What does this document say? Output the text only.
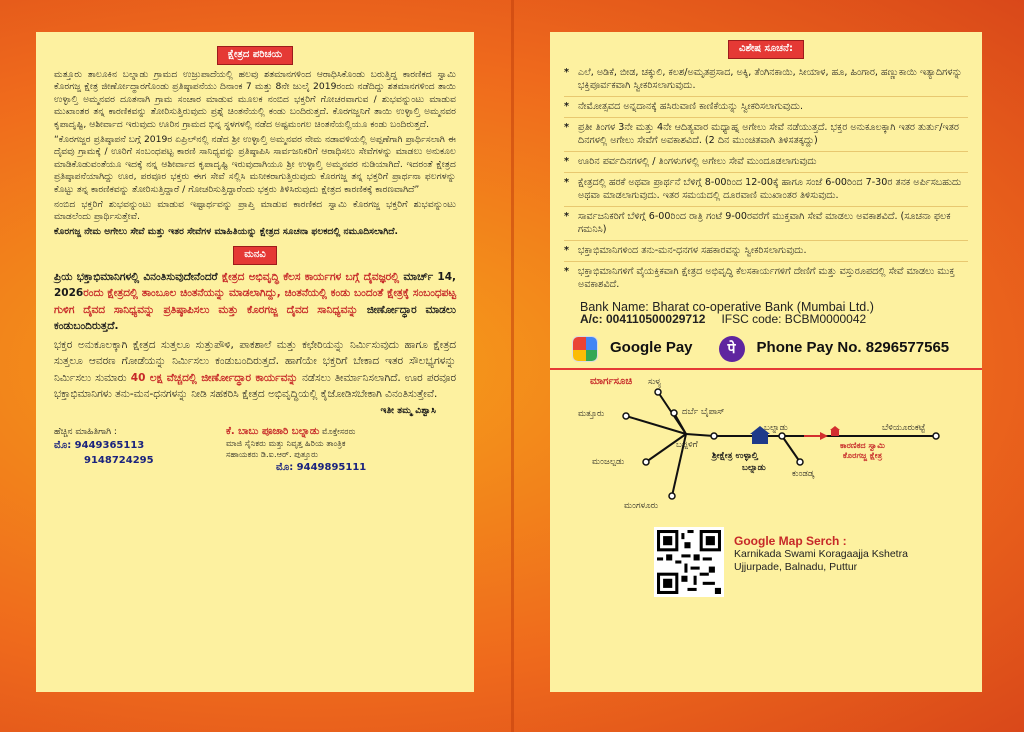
ಕ್ಷೇತ್ರದ ಪರಿಚಯ

ಮತ್ತೂರು ತಾಲೂಕಿನ ಬಲ್ನಾಡು ಗ್ರಾಮದ ಉಜ್ರುಪಾದೆಯಲ್ಲಿ ಹಲವು ಶತಮಾನಗಳಿಂದ ಆರಾಧಿಸಿಕೊಂಡು ಬರುತ್ತಿದ್ದ ಕಾರಣಿಕದ ಸ್ವಾಮಿ ಕೊರಗಜ್ಜ ಕ್ಷೇತ್ರ ಜೀರ್ಣೋದ್ಧಾರಗೊಂಡು ಪ್ರತಿಷ್ಠಾಪನೆಯು ದಿನಾಂಕ 7 ಮತ್ತು 8ನೇ ಜುಲೈ 2019ರಂದು ನಡೆದಿದ್ದು ಶತಮಾನಗಳಿಂದ ತಾಯಿ ಉಳ್ಳಾಲ್ತಿ ಅಮ್ಮನವರ ದೂತನಾಗಿ ಗ್ರಾಮ ಸಂಚಾರ ಮಾಡುವ ಮೂಲಕ ನಂಬಿದ ಭಕ್ತರಿಗೆ ಗೋಚರವಾಗುವ / ಶುಭವನ್ನುಂಟು ಮಾಡುವ ಮುಖಾಂತರ ತನ್ನ ಕಾರಣಿಕವನ್ನು ತೋರಿಸುತ್ತಿರುವುದು ಪ್ರಶ್ನೆ ಚಿಂತನೆಯಲ್ಲಿ ಕಂಡು ಬಂದಿರುತ್ತದೆ. ಕೊರಗಜ್ಜನಿಗೆ ತಾಯಿ ಉಳ್ಳಾಲ್ತಿ ಅಮ್ಮನವರ ಕೃಪಾದೃಷ್ಟಿ, ಆಶೀರ್ವಾದ ಇರುವುದು ಊರಿನ ಗ್ರಾಮದ ಭಿನ್ನ ಸ್ಥಳಗಳಲ್ಲಿ ನಡೆದ ಅಷ್ಟಮಂಗಲ ಚಿಂತನೆಯಲ್ಲಿಯೂ ಕಂಡು ಬಂದಿರುತ್ತದೆ.

“ಕೊರಗಜ್ಜರ ಪ್ರತಿಷ್ಠಾಪನೆ ಬಗ್ಗೆ 2019ರ ಏಪ್ರಿಲ್‌ನಲ್ಲಿ ನಡೆದ ಶ್ರೀ ಉಳ್ಳಾಲ್ತಿ ಅಮ್ಮನವರ ನೇಮ ನಡಾವಳಿಯಲ್ಲಿ ಅಪ್ಪಣೆಗಾಗಿ ಪ್ರಾರ್ಥಿಸಲಾಗಿ ಈ ದೈವವು ಗ್ರಾಮಕ್ಕೆ / ಊರಿಗೆ ಸಂಬಂಧಪಟ್ಟ ಕಾರಣಿ ಸಾನಿಧ್ಯವನ್ನು ಪ್ರತಿಷ್ಠಾಪಿಸಿ ಸಾರ್ವಜನಿಕರಿಗೆ ಆರಾಧಿಸಲು ಸೇವೆಗಳನ್ನು ಮಾಡಲು ಅನುಕೂಲ ಮಾಡಿಕೊಡುವಂತೆಯೂ ಇದಕ್ಕೆ ನನ್ನ ಆಶೀರ್ವಾದ ಕೃಪಾದೃಷ್ಟಿ ಇರುವುದಾಗಿಯೂ ಶ್ರೀ ಉಳ್ಳಾಲ್ತಿ ಅಮ್ಮನವರ ನುಡಿಯಾಗಿದೆ. ಇದರಂತೆ ಕ್ಷೇತ್ರದ ಪ್ರತಿಷ್ಠಾಪನೆಯಾಗಿದ್ದು ಊರ, ಪರವೂರ ಭಕ್ತರು ಈಗ ಸೇವೆ ಸಲ್ಲಿಸಿ ಮನೀಕರಾಗುತ್ತಿರುವುದು ಕೊರಗಜ್ಜ ತನ್ನ ಭಕ್ತರಿಗೆ ಪ್ರಾರ್ಥನಾ ಫಲಗಳನ್ನು ಕೊಟ್ಟು ತನ್ನ ಕಾರಣಿಕವನ್ನು ತೋರಿಸುತ್ತಿದ್ದಾರೆ / ಗೋಚರಿಸುತ್ತಿದ್ದಾರೆಂದು ಭಕ್ತರು ತಿಳಿಸಿರುವುದು ಕ್ಷೇತ್ರದ ಕಾರಣಿಕಕ್ಕೆ ಕಾರಣವಾಗಿದೆ”

ನಂಬಿದ ಭಕ್ತರಿಗೆ ಶುಭವನ್ನುಂಟು ಮಾಡುವ ಇಷ್ಟಾರ್ಥವನ್ನು ಪ್ರಾಪ್ತಿ ಮಾಡುವ ಕಾರಣಿಕದ ಸ್ವಾಮಿ ಕೊರಗಜ್ಜ ಭಕ್ತರಿಗೆ ಶುಭವನ್ನುಂಟು ಮಾಡಲೆಂದು ಪ್ರಾರ್ಥಿಸುತ್ತೇವೆ.

ಕೊರಗಜ್ಜ ನೇಮ ಅಗೇಲು ಸೇವೆ ಮತ್ತು ಇತರ ಸೇವೆಗಳ ಮಾಹಿತಿಯನ್ನು ಕ್ಷೇತ್ರದ ಸೂಚನಾ ಫಲಕದಲ್ಲಿ ನಮೂದಿಸಲಾಗಿದೆ.

ಮನವಿ

ಪ್ರಿಯ ಭಕ್ತಾಭಿಮಾನಿಗಳಲ್ಲಿ ವಿನಂತಿಸುವುದೇನೆಂದರೆ ಕ್ಷೇತ್ರದ ಅಭಿವೃದ್ಧಿ ಕೆಲಸ ಕಾರ್ಯಗಳ ಬಗ್ಗೆ ದೈವಜ್ಞರಲ್ಲಿ ಮಾರ್ಚ್ 14, 2026ರಂದು ಕ್ಷೇತ್ರದಲ್ಲಿ ತಾಂಬೂಲ ಚಿಂತನೆಯನ್ನು ಮಾಡಲಾಗಿದ್ದು, ಚಿಂತನೆಯಲ್ಲಿ ಕಂಡು ಬಂದಂತೆ ಕ್ಷೇತ್ರಕ್ಕೆ ಸಂಬಂಧಪಟ್ಟ ಗುಳಿಗ ದೈವದ ಸಾನಿಧ್ಯವನ್ನು ಪ್ರತಿಷ್ಠಾಪಿಸಲು ಮತ್ತು ಕೊರಗಜ್ಜ ದೈವದ ಸಾನಿಧ್ಯವನ್ನು ಜೀರ್ಣೋದ್ಧಾರ ಮಾಡಲು ಕಂಡುಬಂದಿರುತ್ತದೆ.

ಭಕ್ತರ ಅನುಕೂಲಕ್ಕಾಗಿ ಕ್ಷೇತ್ರದ ಸುತ್ತಲೂ ಸುತ್ತುಪೌಳಿ, ಪಾಕಶಾಲೆ ಮತ್ತು ಕಛೇರಿಯನ್ನು ನಿರ್ಮಿಸುವುದು ಹಾಗೂ ಕ್ಷೇತ್ರದ ಸುತ್ತಲೂ ಆವರಣ ಗೋಡೆಯನ್ನು ನಿರ್ಮಿಸಲು ಕಂಡುಬಂದಿರುತ್ತದೆ. ಹಾಗೆಯೇ ಭಕ್ತರಿಗೆ ಬೇಕಾದ ಇತರ ಸೌಲಭ್ಯಗಳನ್ನು ನಿರ್ಮಿಸಲು ಸುಮಾರು 40 ಲಕ್ಷ ವೆಚ್ಚದಲ್ಲಿ ಜೀರ್ಣೋದ್ಧಾರ ಕಾರ್ಯವನ್ನು ನಡೆಸಲು ತೀರ್ಮಾನಿಸಲಾಗಿದೆ. ಊರ ಪರವೂರ ಭಕ್ತಾಭಿಮಾನಿಗಳು ತನು-ಮನ-ಧನಗಳನ್ನು ನೀಡಿ ಸಹಕರಿಸಿ ಕ್ಷೇತ್ರದ ಅಭಿವೃದ್ಧಿಯಲ್ಲಿ ಕೈಜೋಡಿಸಬೇಕಾಗಿ ವಿನಂತಿಸುತ್ತೇವೆ.

ಇತೀ ತಮ್ಮ ವಿಶ್ವಾಸಿ

ಹೆಚ್ಚಿನ ಮಾಹಿತಿಗಾಗಿ :
ಮೊ: 9449365113
9148724295
ಕೆ. ಬಾಬು ಪೂಜಾರಿ ಬಲ್ನಾಡು ಮೊಕ್ತೇಸರರು
ಮಾಜಿ ಸೈನಿಕರು ಮತ್ತು ನಿವೃತ್ತ ಹಿರಿಯ ತಾಂತ್ರಿಕ
ಸಹಾಯಕರು ಡಿ.ಐ.ಆರ್. ಪುತ್ತೂರು
ಮೊ: 9449895111
ವಿಶೇಷ ಸೂಚನೆ:
* ಎಲೆ, ಅಡಿಕೆ, ಬೀಡ, ಚಕ್ಕುಲಿ, ಕಲಶ/ಅಮೃತಪ್ರಸಾದ, ಅಕ್ಕಿ, ತೆಂಗಿನಕಾಯಿ, ಸೀಯಾಳ, ಹೂ, ಹಿಂಗಾರ, ಹಣ್ಣುಕಾಯಿ ಇತ್ಯಾದಿಗಳನ್ನು ಭಕ್ತಿಪೂರ್ವಕವಾಗಿ ಸ್ವೀಕರಿಸಲಾಗುವುದು.
* ನೇಮೋತ್ಸವದ ಅನ್ನದಾನಕ್ಕೆ ಹಸಿರುವಾಣಿ ಕಾಣಿಕೆಯನ್ನು ಸ್ವೀಕರಿಸಲಾಗುವುದು.
* ಪ್ರತೀ ತಿಂಗಳ 3ನೇ ಮತ್ತು 4ನೇ ಆದಿತ್ಯವಾರ ಮಧ್ಯಾಹ್ನ ಅಗೇಲು ಸೇವೆ ನಡೆಯುತ್ತದೆ. ಭಕ್ತರ ಅನುಕೂಲಕ್ಕಾಗಿ ಇತರ ತುರ್ತು/ಇತರ ದಿನಗಳಲ್ಲಿ ಅಗೇಲು ಸೇವೆಗೆ ಅವಕಾಶವಿದೆ. (2 ದಿನ ಮುಂಚಿತವಾಗಿ ತಿಳಿಸತಕ್ಕದ್ದು)
* ಊರಿನ ಪರ್ವದಿನಗಳಲ್ಲಿ / ತಿಂಗಳುಗಳಲ್ಲಿ ಅಗೇಲು ಸೇವೆ ಮುಂದೂಡಲಾಗುವುದು
* ಕ್ಷೇತ್ರದಲ್ಲಿ ಹರಕೆ ಅಥವಾ ಪ್ರಾರ್ಥನೆ ಬೆಳಿಗ್ಗೆ 8-00ರಿಂದ 12-00ಕ್ಕೆ ಹಾಗೂ ಸಂಜೆ 6-00ರಿಂದ 7-30ರ ತನಕ ಅರ್ಪಿಸಬಹುದು ಅಥವಾ ಮಾಡಲಾಗುವುದು. ಇತರ ಸಮಯದಲ್ಲಿ ದೂರವಾಣಿ ಮುಖಾಂತರ ತಿಳಿಸುವುದು.
* ಸಾರ್ವಜನಿಕರಿಗೆ ಬೆಳಿಗ್ಗೆ 6-00ರಿಂದ ರಾತ್ರಿ ಗಂಟೆ 9-00ರವರೆಗೆ ಮುಕ್ತವಾಗಿ ಸೇವೆ ಮಾಡಲು ಅವಕಾಶವಿದೆ. (ಸೂಚನಾ ಫಲಕ ಗಮನಿಸಿ)
* ಭಕ್ತಾಭಿಮಾನಿಗಳಿಂದ ತನು-ಮನ-ಧನಗಳ ಸಹಕಾರವನ್ನು ಸ್ವೀಕರಿಸಲಾಗುವುದು.
* ಭಕ್ತಾಭಿಮಾನಿಗಳಿಗೆ ವೈಯಕ್ತಿಕವಾಗಿ ಕ್ಷೇತ್ರದ ಅಭಿವೃದ್ಧಿ ಕೆಲಸಕಾರ್ಯಗಳಿಗೆ ದೇಣಿಗೆ ಮತ್ತು ವಸ್ತುರೂಪದಲ್ಲಿ ಸೇವೆ ಮಾಡಲು ಮುಕ್ತ ಅವಕಾಶವಿದೆ.
Bank Name: Bharat co-operative Bank (Mumbai Ltd.)
A/c: 004110500029712 IFSC code: BCBM0000042
Google Pay	पे	Phone Pay No. 8296577565
ಮಾರ್ಗಸೂಚಿ	ಸುಳ್ಯ
ದರ್ಬೆ ಬೈಪಾಸ್
ಮತ್ತೂರು
ಬಪ್ಪಳಿಗೆ
ಬಲ್ನಾಡು	ಬೆಳಿಯೂರುಕಟ್ಟೆ
ಮಂಜಲ್ಪಡು
ಶ್ರೀಕ್ಷೇತ್ರ ಉಳ್ಳಾಲ್ತಿ
ಬಲ್ನಾಡು
ಕಾರಣಿಕದ ಸ್ವಾಮಿ
ಕೊರಗಜ್ಜ ಕ್ಷೇತ್ರ
ಕುಂಡಡ್ಕ
ಮಂಗಳೂರು
Google Map Serch :
Karnikada Swami Koragaajja Kshetra
Ujjurpade, Balnadu, Puttur
